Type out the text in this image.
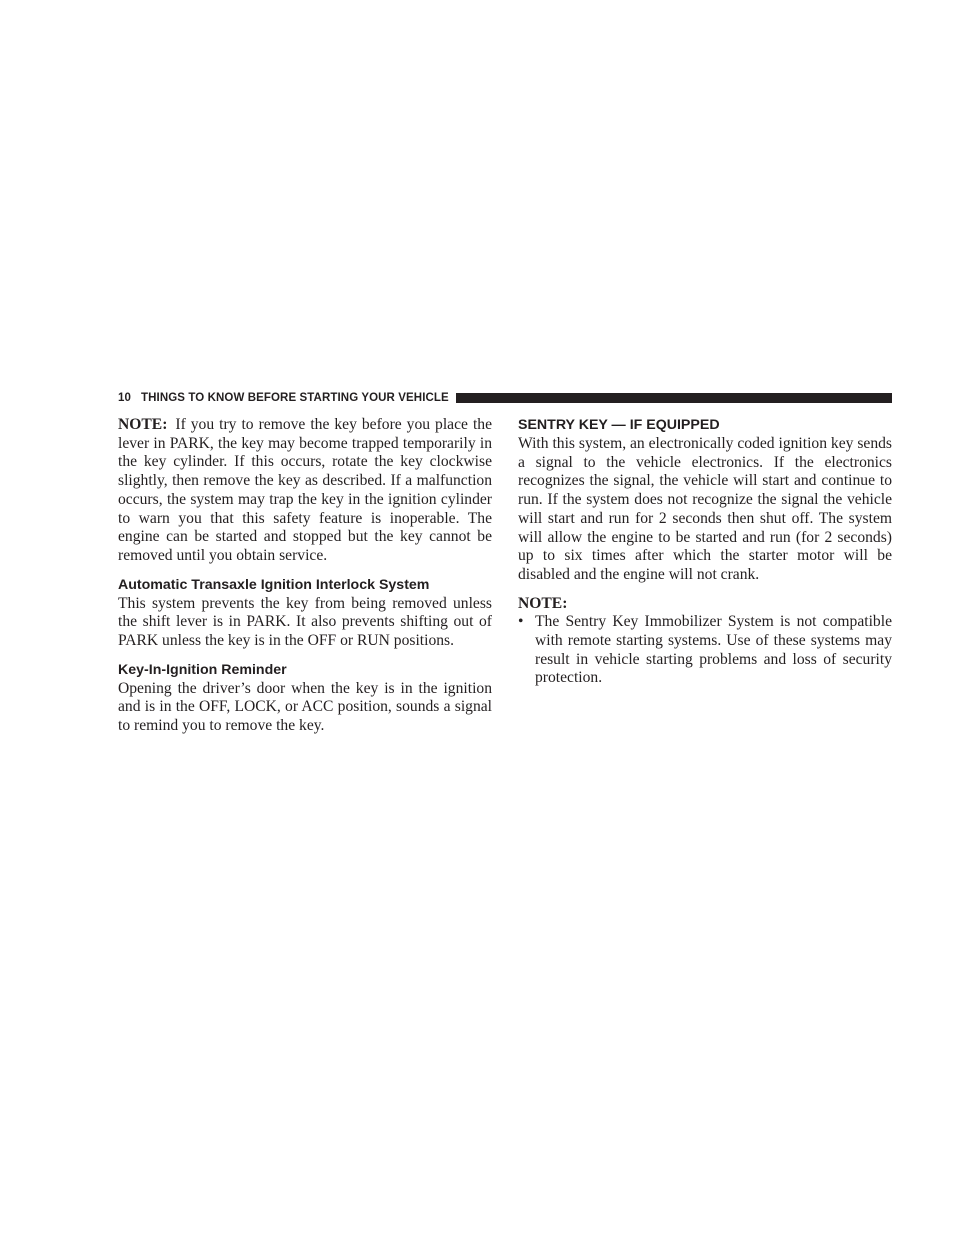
10 THINGS TO KNOW BEFORE STARTING YOUR VEHICLE

NOTE: If you try to remove the key before you place the lever in PARK, the key may become trapped temporarily in the key cylinder. If this occurs, rotate the key clockwise slightly, then remove the key as described. If a malfunction occurs, the system may trap the key in the ignition cylinder to warn you that this safety feature is inoperable. The engine can be started and stopped but the key cannot be removed until you obtain service.

Automatic Transaxle Ignition Interlock System

This system prevents the key from being removed unless the shift lever is in PARK. It also prevents shifting out of PARK unless the key is in the OFF or RUN positions.

Key-In-Ignition Reminder

Opening the driver’s door when the key is in the ignition and is in the OFF, LOCK, or ACC position, sounds a signal to remind you to remove the key.

SENTRY KEY — IF EQUIPPED

With this system, an electronically coded ignition key sends a signal to the vehicle electronics. If the electronics recognizes the signal, the vehicle will start and continue to run. If the system does not recognize the signal the vehicle will start and run for 2 seconds then shut off. The system will allow the engine to be started and run (for 2 seconds) up to six times after which the starter motor will be disabled and the engine will not crank.

NOTE:

• The Sentry Key Immobilizer System is not compatible with remote starting systems. Use of these systems may result in vehicle starting problems and loss of security protection.
